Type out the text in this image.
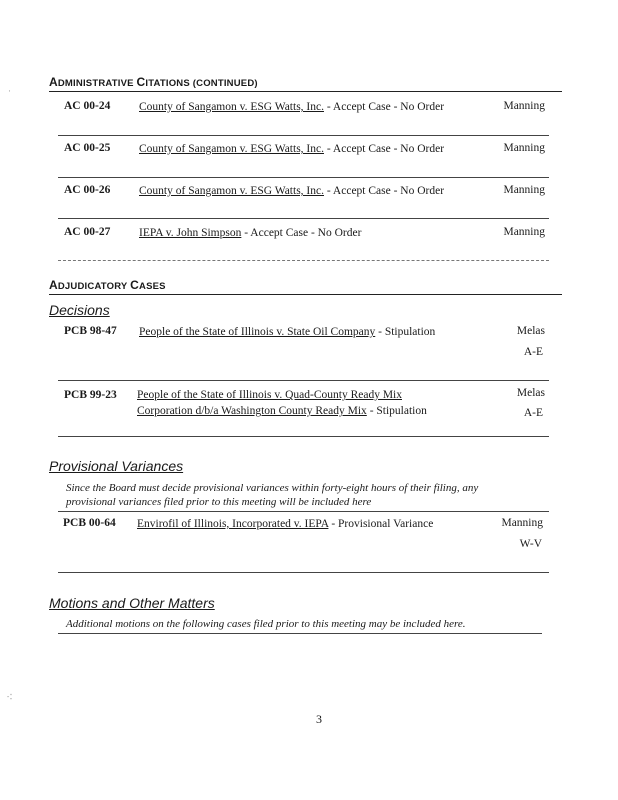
·
⁖
ADMINISTRATIVE CITATIONS (CONTINUED)
AC 00-24 County of Sangamon v. ESG Watts, Inc. - Accept Case - No Order	Manning
AC 00-25 County of Sangamon v. ESG Watts, Inc. - Accept Case - No Order	Manning
AC 00-26 County of Sangamon v. ESG Watts, Inc. - Accept Case - No Order	Manning
AC 00-27 IEPA v. John Simpson - Accept Case - No Order	Manning
ADJUDICATORY CASES
Decisions
PCB 98-47 People of the State of Illinois v. State Oil Company - Stipulation	Melas
A-E
PCB 99-23 People of the State of Illinois v. Quad-County Ready Mix
Corporation d/b/a Washington County Ready Mix - Stipulation
Melas
A-E
Provisional Variances
Since the Board must decide provisional variances within forty-eight hours of their filing, any
provisional variances filed prior to this meeting will be included here
PCB 00-64 Envirofil of Illinois, Incorporated v. IEPA - Provisional Variance	Manning
W-V
Motions and Other Matters
Additional motions on the following cases filed prior to this meeting may be included here.
3
